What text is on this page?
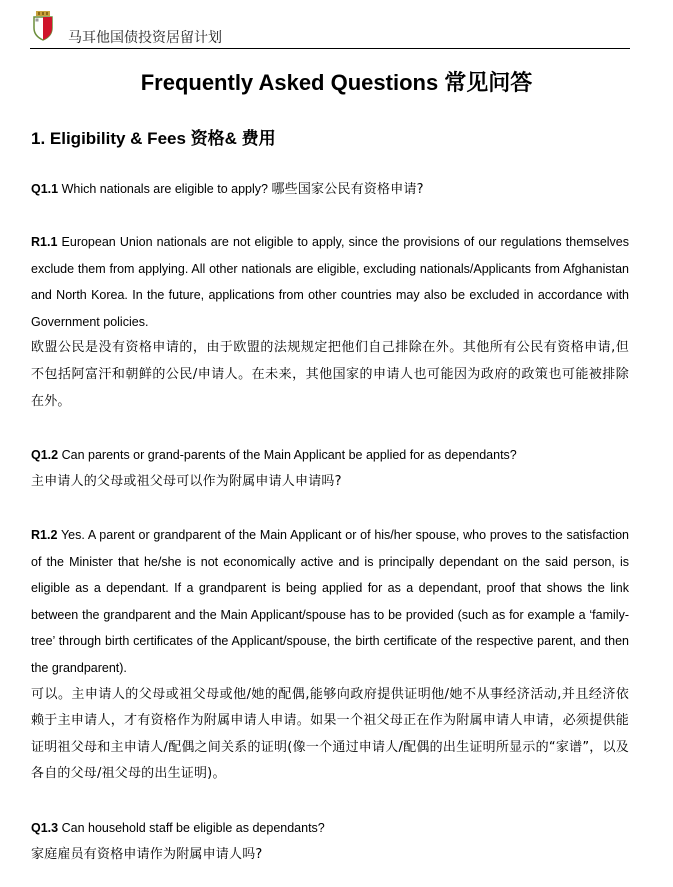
马耳他国债投资居留计划
Frequently Asked Questions 常见问答
1. Eligibility & Fees 资格& 费用
Q1.1 Which nationals are eligible to apply? 哪些国家公民有资格申请?
R1.1 European Union nationals are not eligible to apply, since the provisions of our regulations themselves exclude them from applying. All other nationals are eligible, excluding nationals/Applicants from Afghanistan and North Korea. In the future, applications from other countries may also be excluded in accordance with Government policies.
欧盟公民是没有资格申请的，由于欧盟的法规规定把他们自己排除在外。其他所有公民有资格申请,但不包括阿富汗和朝鲜的公民/申请人。在未来，其他国家的申请人也可能因为政府的政策也可能被排除在外。
Q1.2 Can parents or grand-parents of the Main Applicant be applied for as dependants?
主申请人的父母或祖父母可以作为附属申请人申请吗?
R1.2 Yes. A parent or grandparent of the Main Applicant or of his/her spouse, who proves to the satisfaction of the Minister that he/she is not economically active and is principally dependant on the said person, is eligible as a dependant. If a grandparent is being applied for as a dependant, proof that shows the link between the grandparent and the Main Applicant/spouse has to be provided (such as for example a ‘family-tree’ through birth certificates of the Applicant/spouse, the birth certificate of the respective parent, and then the grandparent).
可以。主申请人的父母或祖父母或他/她的配偶,能够向政府提供证明他/她不从事经济活动,并且经济依赖于主申请人，才有资格作为附属申请人申请。如果一个祖父母正在作为附属申请人申请，必须提供能证明祖父母和主申请人/配偶之间关系的证明(像一个通过申请人/配偶的出生证明所显示的“家谱”，以及各自的父母/祖父母的出生证明)。
Q1.3 Can household staff be eligible as dependants?
家庭雇员有资格申请作为附属申请人吗?
